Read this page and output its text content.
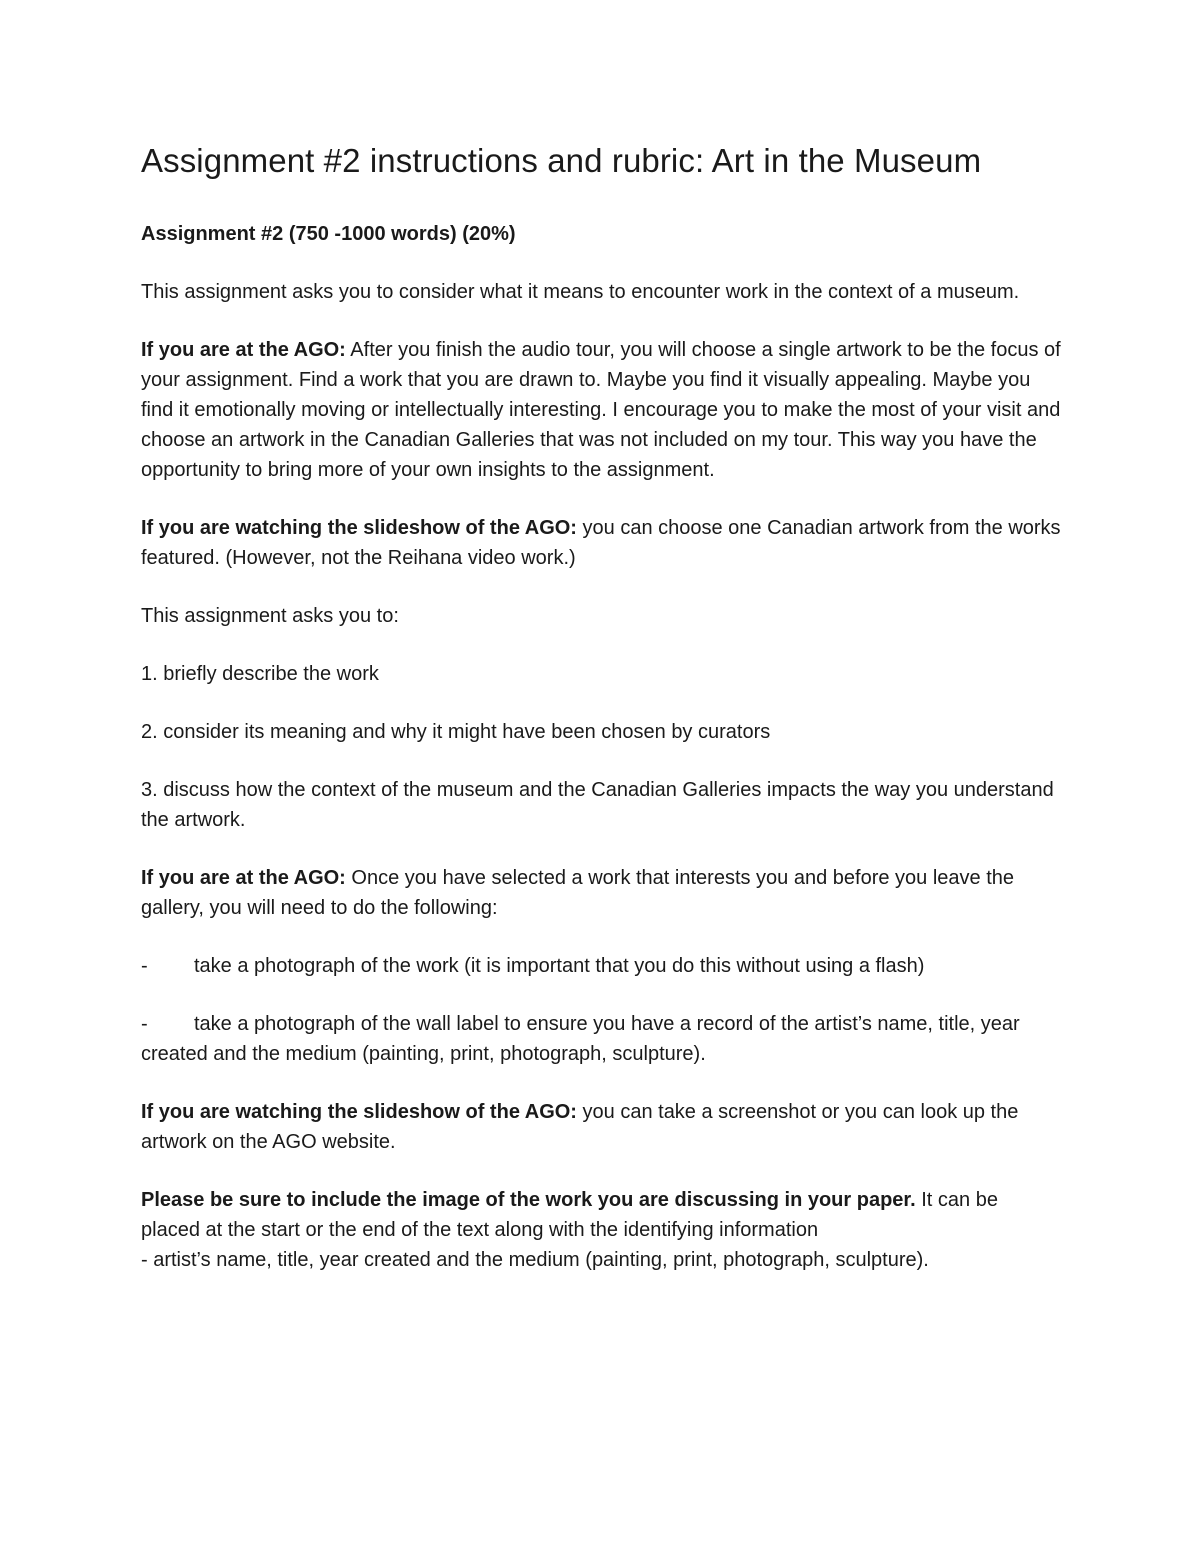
Assignment #2 instructions and rubric: Art in the Museum

Assignment #2 (750 -1000 words) (20%)

This assignment asks you to consider what it means to encounter work in the context of a museum.

If you are at the AGO: After you finish the audio tour, you will choose a single artwork to be the focus of your assignment. Find a work that you are drawn to. Maybe you find it visually appealing. Maybe you find it emotionally moving or intellectually interesting. I encourage you to make the most of your visit and choose an artwork in the Canadian Galleries that was not included on my tour. This way you have the opportunity to bring more of your own insights to the assignment.

If you are watching the slideshow of the AGO: you can choose one Canadian artwork from the works featured. (However, not the Reihana video work.)

This assignment asks you to:

1. briefly describe the work

2. consider its meaning and why it might have been chosen by curators

3. discuss how the context of the museum and the Canadian Galleries impacts the way you understand the artwork.

If you are at the AGO: Once you have selected a work that interests you and before you leave the gallery, you will need to do the following:

- take a photograph of the work (it is important that you do this without using a flash)

- take a photograph of the wall label to ensure you have a record of the artist’s name, title, year created and the medium (painting, print, photograph, sculpture).

If you are watching the slideshow of the AGO: you can take a screenshot or you can look up the artwork on the AGO website.

Please be sure to include the image of the work you are discussing in your paper. It can be placed at the start or the end of the text along with the identifying information
- artist’s name, title, year created and the medium (painting, print, photograph, sculpture).
